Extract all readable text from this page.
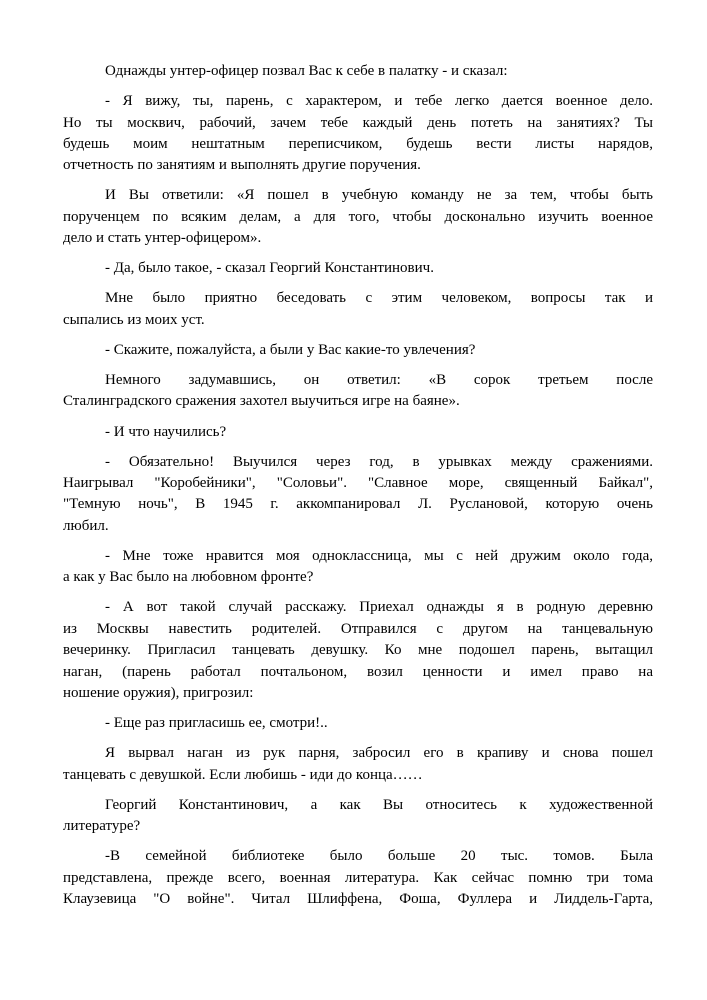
Однажды унтер-офицер позвал Вас к себе в палатку - и сказал:

- Я вижу, ты, парень, с характером, и тебе легко дается военное дело.
Но ты москвич, рабочий, зачем тебе каждый день потеть на занятиях? Ты
будешь моим нештатным переписчиком, будешь вести листы нарядов,
отчетность по занятиям и выполнять другие поручения.

И Вы ответили: «Я пошел в учебную команду не за тем, чтобы быть
порученцем по всяким делам, а для того, чтобы досконально изучить военное
дело и стать унтер-офицером».

- Да, было такое, - сказал Георгий Константинович.

Мне было приятно беседовать с этим человеком, вопросы так и
сыпались из моих уст.

- Скажите, пожалуйста, а были у Вас какие-то увлечения?

Немного задумавшись, он ответил: «В сорок третьем после
Сталинградского сражения захотел выучиться игре на баяне».

- И что научились?

- Обязательно! Выучился через год, в урывках между сражениями.
Наигрывал "Коробейники", "Соловьи". "Славное море, священный Байкал",
"Темную ночь", В 1945 г. аккомпанировал Л. Руслановой, которую очень
любил.

- Мне тоже нравится моя одноклассница, мы с ней дружим около года,
а как у Вас было на любовном фронте?

- А вот такой случай расскажу. Приехал однажды я в родную деревню
из Москвы навестить родителей. Отправился с другом на танцевальную
вечеринку. Пригласил танцевать девушку. Ко мне подошел парень, вытащил
наган, (парень работал почтальоном, возил ценности и имел право на
ношение оружия), пригрозил:

- Еще раз пригласишь ее, смотри!..

Я вырвал наган из рук парня, забросил его в крапиву и снова пошел
танцевать с девушкой. Если любишь - иди до конца……

Георгий Константинович, а как Вы относитесь к художественной
литературе?

-В семейной библиотеке было больше 20 тыс. томов. Была
представлена, прежде всего, военная литература. Как сейчас помню три тома
Клаузевица "О войне". Читал Шлиффена, Фоша, Фуллера и Лиддель-Гарта,
